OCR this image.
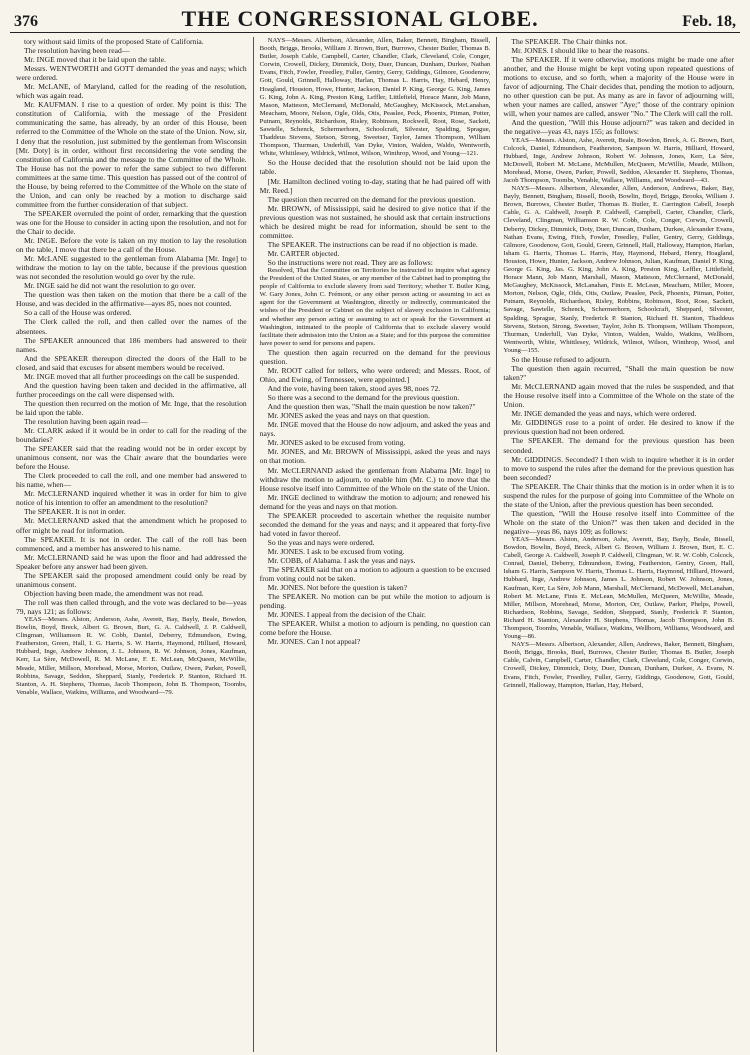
376	THE CONGRESSIONAL GLOBE.	Feb. 18,

tory without said limits of the proposed State of California.

The resolution having been read—

Mr. INGE moved that it be laid upon the table.

Messrs. WENTWORTH and GOTT demanded the yeas and nays; which were ordered.

Mr. McLANE, of Maryland, called for the reading of the resolution, which was again read.

Mr. KAUFMAN. I rise to a question of order. My point is this: The constitution of California, with the message of the President communicating the same, has already, by an order of this House, been referred to the Committee of the Whole on the state of the Union. Now, sir, I deny that the resolution, just submitted by the gentleman from Wisconsin [Mr. Doty] is in order, without first reconsidering the vote sending the constitution of California and the message to the Committee of the Whole. The House has not the power to refer the same subject to two different committees at the same time. This question has passed out of the control of the House, by being referred to the Committee of the Whole on the state of the Union, and can only be reached by a motion to discharge said committee from the further consideration of that subject.

The SPEAKER overruled the point of order, remarking that the question was one for the House to consider in acting upon the resolution, and not for the Chair to decide.

Mr. INGE. Before the vote is taken on my motion to lay the resolution on the table, I move that there be a call of the House.

Mr. McLANE suggested to the gentleman from Alabama [Mr. Inge] to withdraw the motion to lay on the table, because if the previous question was not seconded the resolution would go over by the rule.

Mr. INGE said he did not want the resolution to go over.

The question was then taken on the motion that there be a call of the House, and was decided in the affirmative—ayes 85, noes not counted.

So a call of the House was ordered.

The Clerk called the roll, and then called over the names of the absentees.

The SPEAKER announced that 186 members had answered to their names.

And the SPEAKER thereupon directed the doors of the Hall to be closed, and said that excuses for absent members would be received.

Mr. INGE moved that all further proceedings on the call be suspended.

And the question having been taken and decided in the affirmative, all further proceedings on the call were dispensed with.

The question then recurred on the motion of Mr. Inge, that the resolution be laid upon the table.

The resolution having been again read—

Mr. CLARK asked if it would be in order to call for the reading of the boundaries?

The SPEAKER said that the reading would not be in order except by unanimous consent, nor was the Chair aware that the boundaries were before the House.

The Clerk proceeded to call the roll, and one member had answered to his name, when—

Mr. McCLERNAND inquired whether it was in order for him to give notice of his intention to offer an amendment to the resolution?

The SPEAKER. It is not in order.

Mr. McCLERNAND asked that the amendment which he proposed to offer might be read for information.

The SPEAKER. It is not in order. The call of the roll has been commenced, and a member has answered to his name.

Mr. McCLERNAND said he was upon the floor and had addressed the Speaker before any answer had been given.

The SPEAKER said the proposed amendment could only be read by unanimous consent.

Objection having been made, the amendment was not read.

The roll was then called through, and the vote was declared to be—yeas 79, nays 121; as follows:

YEAS—Messrs. Alston, Anderson, Ashe, Averett, Bay, Bayly, Beale, Bowdon, Bowlin, Boyd, Breck, Albert G. Brown, Burt, G. A. Caldwell, J. P. Caldwell, Clingman, Williamson R. W. Cobb, Daniel, Deberry, Edmundson, Ewing, Featherston, Green, Hall, I. G. Harris, S. W. Harris, Haymond, Hilliard, Howard, Hubbard, Inge, Andrew Johnson, J. L. Johnson, R. W. Johnson, Jones, Kaufman, Kerr, La Sère, McDowell, R. M. McLane, F. E. McLean, McQueen, McWillie, Meade, Miller, Millson, Morehead, Morse, Morton, Outlaw, Owen, Parker, Powell, Robbins, Savage, Seddon, Sheppard, Stanly, Frederick P. Stanton, Richard H. Stanton, A. H. Stephens, Thomas, Jacob Thompson, John B. Thompson, Toombs, Venable, Wallace, Watkins, Williams, and Woodward—79.

NAYS—Messrs. Albertson, Alexander, Allen, Baker, Bennett, Bingham, Bissell, Booth, Briggs, Brooks, William J. Brown, Burt, Burrows, Chester Butler, Thomas B. Butler, Joseph Cable, Campbell, Carter, Chandler, Clark, Cleveland, Cole, Conger, Corwin, Crowell, Dickey, Dimmick, Doty, Duer, Duncan, Dunham, Durkee, Nathan Evans, Fitch, Fowler, Freedley, Fuller, Gentry, Gerry, Giddings, Gilmore, Goodenow, Gott, Gould, Grinnell, Halloway, Harlan, Thomas L. Harris, Hay, Hebard, Henry, Hoagland, Houston, Howe, Hunter, Jackson, Daniel P. King, George G. King, James G. King, John A. King, Preston King, Leffler, Littlefield, Horace Mann, Job Mann, Mason, Matteson, McClernand, McDonald, McGaughey, McKissock, McLanahan, Meacham, Moore, Nelson, Ogle, Olds, Otis, Peaslee, Peck, Phoenix, Pitman, Potter, Putnam, Reynolds, Richardson, Risley, Robinson, Rockwell, Root, Rose, Sackett, Sawtelle, Schenck, Schermerhorn, Schoolcraft, Silvester, Spalding, Sprague, Thaddeus Stevens, Stetson, Strong, Sweetser, Taylor, James Thompson, William Thompson, Thurman, Underhill, Van Dyke, Vinton, Walden, Waldo, Wentworth, White, Whittlesey, Wildrick, Wilmot, Wilson, Winthrop, Wood, and Young—121.

So the House decided that the resolution should not be laid upon the table.

[Mr. Hamilton declined voting to-day, stating that he had paired off with Mr. Reed.]

The question then recurred on the demand for the previous question.

Mr. BROWN, of Mississippi, said he desired to give notice that if the previous question was not sustained, he should ask that certain instructions which he desired might be read for information, should be sent to the committee.

The SPEAKER. The instructions can be read if no objection is made.

Mr. CARTER objected.

So the instructions were not read. They are as follows:

Resolved, That the Committee on Territories be instructed to inquire what agency the President of the United States, or any member of the Cabinet had in prompting the people of California to exclude slavery from said Territory; whether T. Butler King, W. Gary Jones, John C. Frémont, or any other person acting or assuming to act as agent for the Government at Washington, directly or indirectly, communicated the wishes of the President or Cabinet on the subject of slavery exclusion in California; and whether any person acting or assuming to act or speak for the Government at Washington, intimated to the people of California that to exclude slavery would facilitate their admission into the Union as a State; and for this purpose the committee have power to send for persons and papers.

The question then again recurred on the demand for the previous question.

Mr. ROOT called for tellers, who were ordered; and Messrs. Root, of Ohio, and Ewing, of Tennessee, were appointed.]

And the vote, having been taken, stood ayes 98, noes 72.

So there was a second to the demand for the previous question.

And the question then was, "Shall the main question be now taken?"

Mr. JONES asked the yeas and nays on that question.

Mr. INGE moved that the House do now adjourn, and asked the yeas and nays.

Mr. JONES asked to be excused from voting.

Mr. JONES, and Mr. BROWN of Mississippi, asked the yeas and nays on that motion.

Mr. McCLERNAND asked the gentleman from Alabama [Mr. Inge] to withdraw the motion to adjourn, to enable him (Mr. C.) to move that the House resolve itself into Committee of the Whole on the state of the Union.

Mr. INGE declined to withdraw the motion to adjourn; and renewed his demand for the yeas and nays on that motion.

The SPEAKER proceeded to ascertain whether the requisite number seconded the demand for the yeas and nays; and it appeared that forty-five had voted in favor thereof.

So the yeas and nays were ordered.

Mr. JONES. I ask to be excused from voting.

Mr. COBB, of Alabama. I ask the yeas and nays.

The SPEAKER said that on a motion to adjourn a question to be excused from voting could not be taken.

Mr. JONES. Not before the question is taken?

The SPEAKER. No motion can be put while the motion to adjourn is pending.

Mr. JONES. I appeal from the decision of the Chair.

The SPEAKER. Whilst a motion to adjourn is pending, no question can come before the House.

Mr. JONES. Can I not appeal?

The SPEAKER. The Chair thinks not.

Mr. JONES. I should like to hear the reasons.

The SPEAKER. If it were otherwise, motions might be made one after another, and the House might be kept voting upon repeated questions of motions to excuse, and so forth, when a majority of the House were in favor of adjourning. The Chair decides that, pending the motion to adjourn, no other question can be put. As many as are in favor of adjourning will, when your names are called, answer "Aye;" those of the contrary opinion will, when your names are called, answer "No." The Clerk will call the roll.

And the question, "Will this House adjourn?" was taken and decided in the negative—yeas 43, nays 155; as follows:

YEAS—Messrs. Alston, Ashe, Averett, Beale, Bowdon, Breck, A. G. Brown, Burt, Colcock, Daniel, Edmundson, Featherston, Sampson W. Harris, Hilliard, Howard, Hubbard, Inge, Andrew Johnson, Robert W. Johnson, Jones, Kerr, La Sère, McDowell, Robert M. McLane, McMullen, McQueen, McWillie, Meade, Millson, Morehead, Morse, Owen, Parker, Powell, Seddon, Alexander H. Stephens, Thomas, Jacob Thompson, Toombs, Venable, Wallace, Williams, and Woodward—43.

NAYS—Messrs. Albertson, Alexander, Allen, Anderson, Andrews, Baker, Bay, Bayly, Bennett, Bingham, Bissell, Booth, Bowlin, Boyd, Briggs, Brooks, William J. Brown, Burrows, Chester Butler, Thomas B. Butler, E. Carrington Cabell, Joseph Cable, G. A. Caldwell, Joseph P. Caldwell, Campbell, Carter, Chandler, Clark, Cleveland, Clingman, Williamson R. W. Cobb, Cole, Conger, Corwin, Crowell, Deberry, Dickey, Dimmick, Doty, Duer, Duncan, Dunham, Durkee, Alexander Evans, Nathan Evans, Ewing, Fitch, Fowler, Freedley, Fuller, Gentry, Gerry, Giddings, Gilmore, Goodenow, Gott, Gould, Green, Grinnell, Hall, Halloway, Hampton, Harlan, Isham G. Harris, Thomas L. Harris, Hay, Haymond, Hebard, Henry, Hoagland, Houston, Howe, Hunter, Jackson, Andrew Johnson, Julian, Kaufman, Daniel P. King, George G. King, Jas. G. King, John A. King, Preston King, Leffler, Littlefield, Horace Mann, Job Mann, Marshall, Mason, Matteson, McClernand, McDonald, McGaughey, McKissock, McLanahan, Finis E. McLean, Meacham, Miller, Moore, Morton, Nelson, Ogle, Olds, Otis, Outlaw, Peaslee, Peck, Phoenix, Pitman, Potter, Putnam, Reynolds, Richardson, Risley, Robbins, Robinson, Root, Rose, Sackett, Savage, Sawtelle, Schenck, Schermerhorn, Schoolcraft, Sheppard, Silvester, Spalding, Sprague, Stanly, Frederick P. Stanton, Richard H. Stanton, Thaddeus Stevens, Stetson, Strong, Sweetser, Taylor, John B. Thompson, William Thompson, Thurman, Underhill, Van Dyke, Vinton, Walden, Waldo, Watkins, Wellborn, Wentworth, White, Whittlesey, Wildrick, Wilmot, Wilson, Winthrop, Wood, and Young—155.

So the House refused to adjourn.

The question then again recurred, "Shall the main question be now taken?"

Mr. McCLERNAND again moved that the rules be suspended, and that the House resolve itself into a Committee of the Whole on the state of the Union.

Mr. INGE demanded the yeas and nays, which were ordered.

Mr. GIDDINGS rose to a point of order. He desired to know if the previous question had not been ordered.

The SPEAKER. The demand for the previous question has been seconded.

Mr. GIDDINGS. Seconded? I then wish to inquire whether it is in order to move to suspend the rules after the demand for the previous question has been seconded?

The SPEAKER. The Chair thinks that the motion is in order when it is to suspend the rules for the purpose of going into Committee of the Whole on the state of the Union, after the previous question has been seconded.

The question, "Will the House resolve itself into Committee of the Whole on the state of the Union?" was then taken and decided in the negative—yeas 86, nays 109; as follows:

YEAS—Messrs. Alston, Anderson, Ashe, Averett, Bay, Bayly, Beale, Bissell, Bowdon, Bowlin, Boyd, Breck, Albert G. Brown, William J. Brown, Burt, E. C. Cabell, George A. Caldwell, Joseph P. Caldwell, Clingman, W. R. W. Cobb, Colcock, Conrad, Daniel, Deberry, Edmundson, Ewing, Featherston, Gentry, Green, Hall, Isham G. Harris, Sampson W. Harris, Thomas L. Harris, Haymond, Hilliard, Howard, Hubbard, Inge, Andrew Johnson, James L. Johnson, Robert W. Johnson, Jones, Kaufman, Kerr, La Sère, Job Mann, Marshall, McClernand, McDowell, McLanahan, Robert M. McLane, Finis E. McLean, McMullen, McQueen, McWillie, Meade, Miller, Millson, Morehead, Morse, Morton, Orr, Outlaw, Parker, Phelps, Powell, Richardson, Robbins, Savage, Seddon, Sheppard, Stanly, Frederick P. Stanton, Richard H. Stanton, Alexander H. Stephens, Thomas, Jacob Thompson, John B. Thompson, Toombs, Venable, Wallace, Watkins, Wellborn, Williams, Woodward, and Young—86.

NAYS—Messrs. Albertson, Alexander, Allen, Andrews, Baker, Bennett, Bingham, Booth, Briggs, Brooks, Buel, Burrows, Chester Butler, Thomas B. Butler, Joseph Cable, Calvin, Campbell, Carter, Chandler, Clark, Cleveland, Cole, Conger, Corwin, Crowell, Dickey, Dimmick, Doty, Duer, Duncan, Dunham, Durkee, A. Evans, N. Evans, Fitch, Fowler, Freedley, Fuller, Gerry, Giddings, Goodenow, Gott, Gould, Grinnell, Halloway, Hampton, Harlan, Hay, Hebard,
